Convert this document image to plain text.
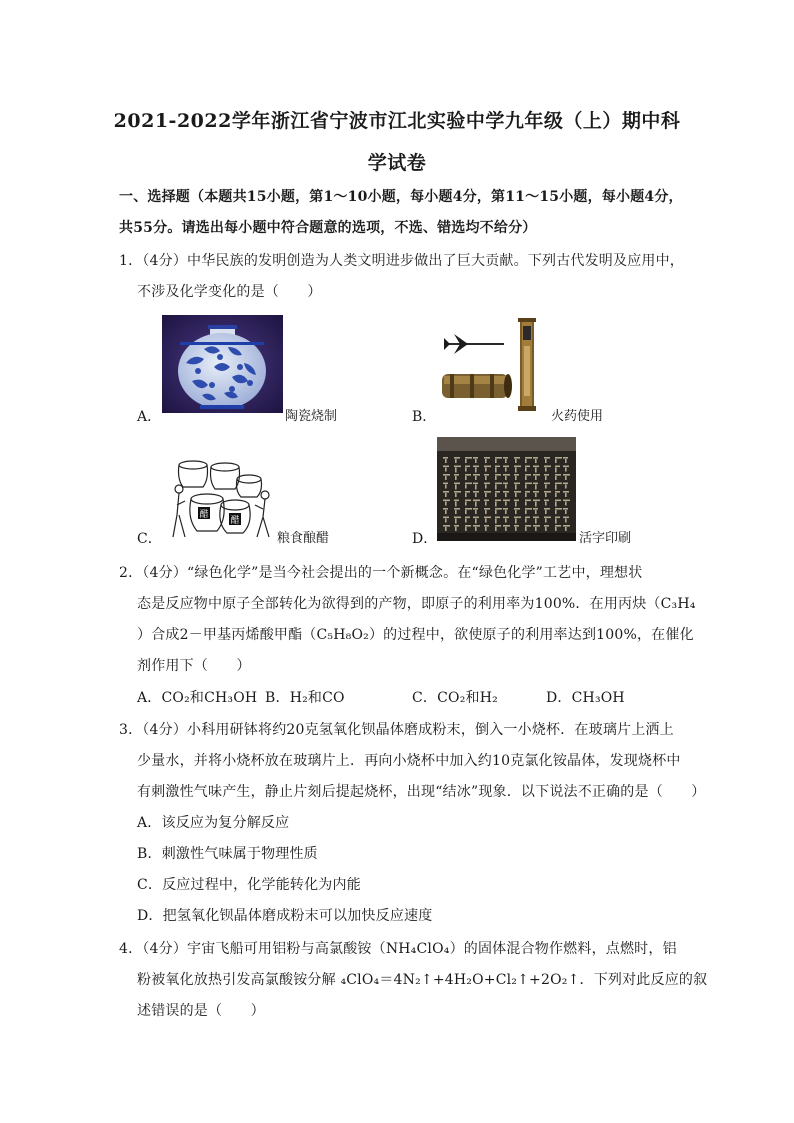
2021-2022学年浙江省宁波市江北实验中学九年级（上）期中科
学试卷
一、选择题（本题共15小题，第1～10小题，每小题4分，第11～15小题，每小题4分，
共55分。请选出每小题中符合题意的选项，不选、错选均不给分）
1．（4分）中华民族的发明创造为人类文明进步做出了巨大贡献。下列古代发明及应用中，
不涉及化学变化的是（　　）
A．	陶瓷烧制	B．	火药使用
C．
醋
醋
粮食酿醋	D．	活字印刷
2．（4分）“绿色化学”是当今社会提出的一个新概念。在“绿色化学”工艺中，理想状
态是反应物中原子全部转化为欲得到的产物，即原子的利用率为100%．在用丙炔（C₃H₄
）合成2－甲基丙烯酸甲酯（C₅H₈O₂）的过程中，欲使原子的利用率达到100%，在催化
剂作用下（　　）
A．CO₂和CH₃OH B．H₂和CO	C．CO₂和H₂	D．CH₃OH
3．（4分）小科用研钵将约20克氢氧化钡晶体磨成粉末，倒入一小烧杯．在玻璃片上洒上
少量水，并将小烧杯放在玻璃片上．再向小烧杯中加入约10克氯化铵晶体，发现烧杯中
有刺激性气味产生，静止片刻后提起烧杯，出现“结冰”现象．以下说法不正确的是（　　）
A．该反应为复分解反应
B．刺激性气味属于物理性质
C．反应过程中，化学能转化为内能
D．把氢氧化钡晶体磨成粉末可以加快反应速度
4．（4分）宇宙飞船可用铝粉与高氯酸铵（NH₄ClO₄）的固体混合物作燃料，点燃时，铝
粉被氧化放热引发高氯酸铵分解 ₄ClO₄＝4N₂↑+4H₂O+Cl₂↑+2O₂↑．下列对此反应的叙
述错误的是（　　）
